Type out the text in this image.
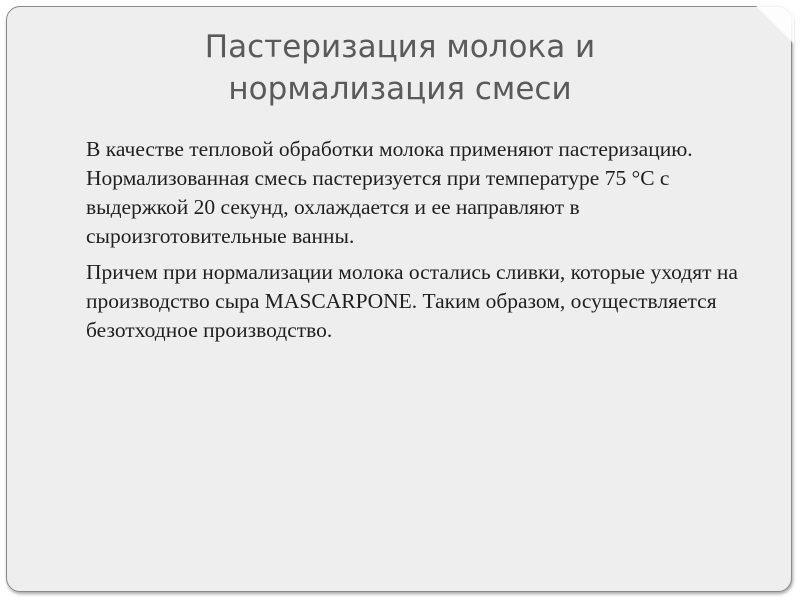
Пастеризация молока и
нормализация смеси

В качестве тепловой обработки молока применяют пастеризацию. Нормализованная смесь пастеризуется при температуре 75 °С с выдержкой 20 секунд, охлаждается и ее направляют в сыроизготовительные ванны.

Причем при нормализации молока остались сливки, которые уходят на производство сыра MASCARPONE. Таким образом, осуществляется безотходное производство.
